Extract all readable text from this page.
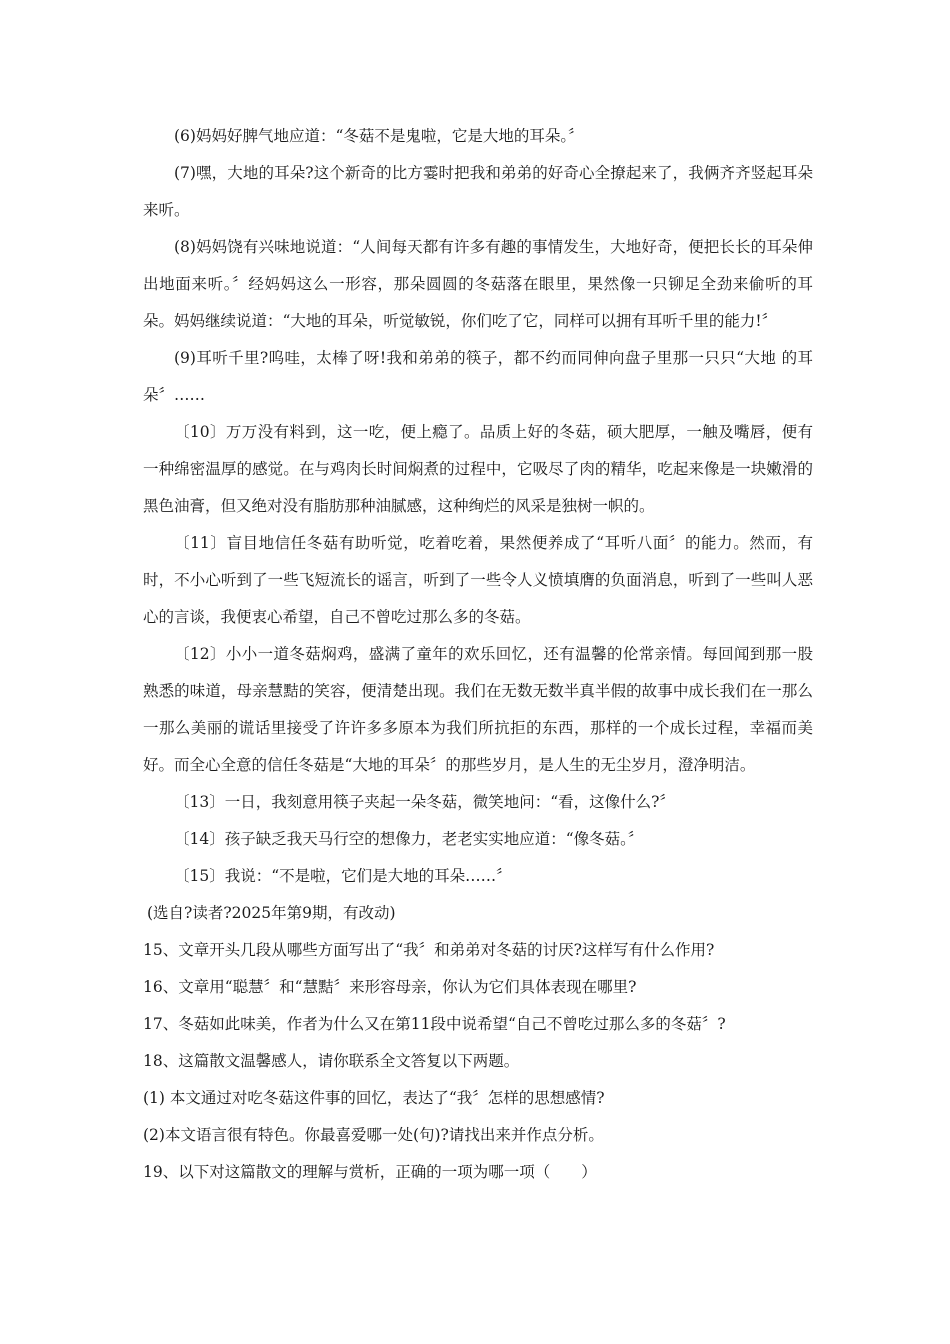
(6)妈妈好脾气地应道：“冬菇不是鬼啦，它是大地的耳朵。〞

(7)嘿，大地的耳朵?这个新奇的比方霎时把我和弟弟的好奇心全撩起来了，我俩齐齐竖起耳朵来听。

(8)妈妈饶有兴味地说道：“人间每天都有许多有趣的事情发生，大地好奇，便把长长的耳朵伸出地面来听。〞经妈妈这么一形容，那朵圆圆的冬菇落在眼里，果然像一只铆足全劲来偷听的耳朵。妈妈继续说道：“大地的耳朵，听觉敏锐，你们吃了它，同样可以拥有耳听千里的能力!〞

(9)耳听千里?呜哇，太棒了呀!我和弟弟的筷子，都不约而同伸向盘子里那一只只“大地 的耳朵〞……

〔10〕万万没有料到，这一吃，便上瘾了。品质上好的冬菇，硕大肥厚，一触及嘴唇，便有一种绵密温厚的感觉。在与鸡肉长时间焖煮的过程中，它吸尽了肉的精华，吃起来像是一块嫩滑的黑色油膏，但又绝对没有脂肪那种油腻感，这种绚烂的风采是独树一帜的。

〔11〕盲目地信任冬菇有助听觉，吃着吃着，果然便养成了“耳听八面〞的能力。然而，有时，不小心听到了一些飞短流长的谣言，听到了一些令人义愤填膺的负面消息，听到了一些叫人恶心的言谈，我便衷心希望，自己不曾吃过那么多的冬菇。

〔12〕小小一道冬菇焖鸡，盛满了童年的欢乐回忆，还有温馨的伦常亲情。每回闻到那一股熟悉的味道，母亲慧黠的笑容，便清楚出现。我们在无数无数半真半假的故事中成长我们在一那么一那么美丽的谎话里接受了许许多多原本为我们所抗拒的东西，那样的一个成长过程，幸福而美好。而全心全意的信任冬菇是“大地的耳朵〞的那些岁月，是人生的无尘岁月，澄净明洁。

〔13〕一日，我刻意用筷子夹起一朵冬菇，微笑地问：“看，这像什么?〞

〔14〕孩子缺乏我天马行空的想像力，老老实实地应道：“像冬菇。〞

〔15〕我说：“不是啦，它们是大地的耳朵……〞

(选自?读者?2025年第9期，有改动)

15、文章开头几段从哪些方面写出了“我〞和弟弟对冬菇的讨厌?这样写有什么作用?

16、文章用“聪慧〞和“慧黠〞来形容母亲，你认为它们具体表现在哪里?

17、冬菇如此味美，作者为什么又在第11段中说希望“自己不曾吃过那么多的冬菇〞?

18、这篇散文温馨感人，请你联系全文答复以下两题。

(1) 本文通过对吃冬菇这件事的回忆，表达了“我〞怎样的思想感情?

(2)本文语言很有特色。你最喜爱哪一处(句)?请找出来并作点分析。

19、以下对这篇散文的理解与赏析，正确的一项为哪一项（　　）
